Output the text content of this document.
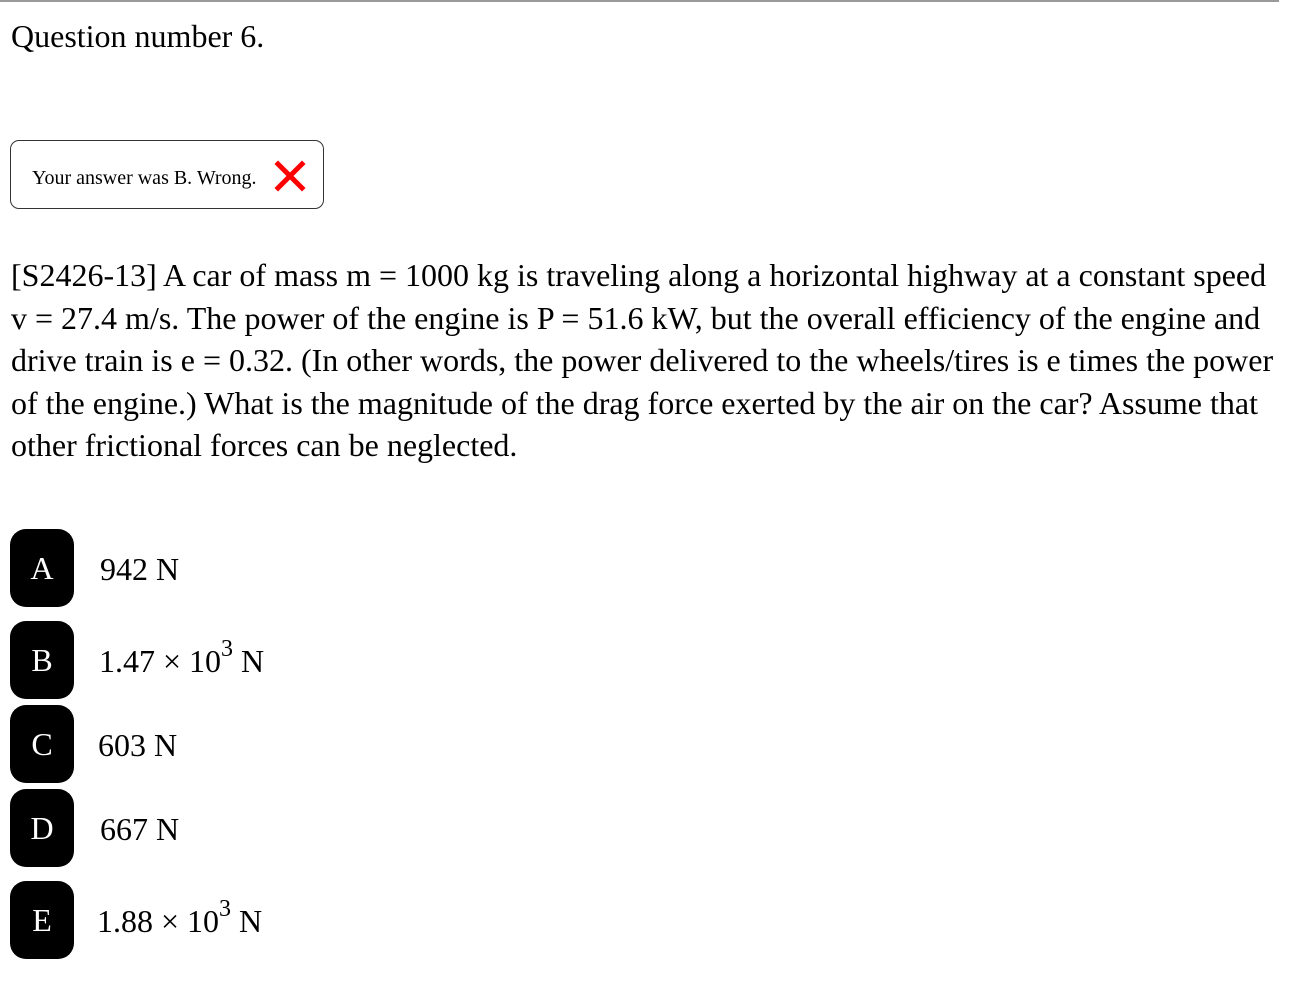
Question number 6.
Your answer was B. Wrong.

[S2426-13] A car of mass m = 1000 kg is traveling along a horizontal highway at a constant speed v = 27.4 m/s. The power of the engine is P = 51.6 kW, but the overall efficiency of the engine and drive train is e = 0.32. (In other words, the power delivered to the wheels/tires is e times the power of the engine.) What is the magnitude of the drag force exerted by the air on the car? Assume that other frictional forces can be neglected.

A	942 N
B	$1.47 \times 10^3$ N
C	603 N
D	667 N
E	$1.88 \times 10^3$ N
